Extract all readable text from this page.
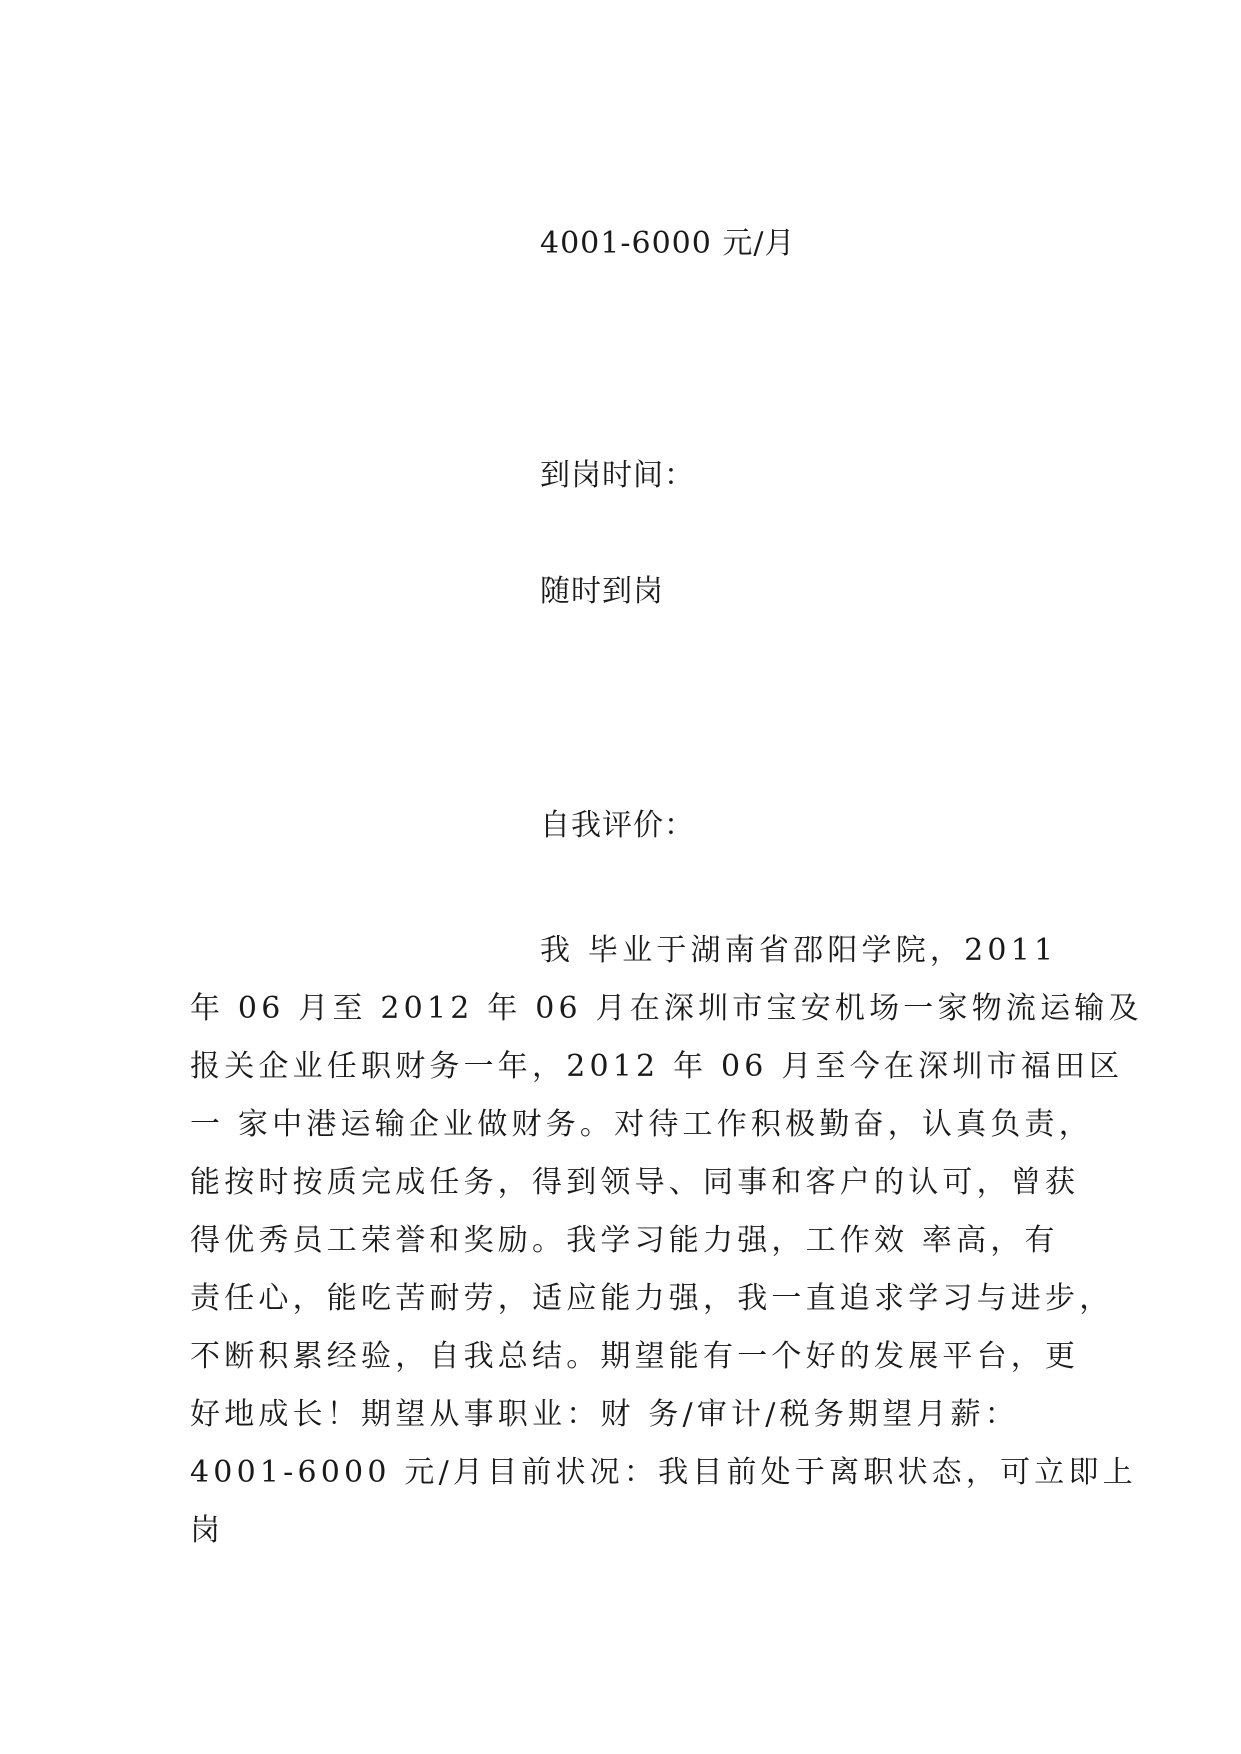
4001-6000 元/月
到岗时间：
随时到岗
自我评价：
我 毕业于湖南省邵阳学院，2011
年 06 月至 2012 年 06 月在深圳市宝安机场一家物流运输及
报关企业任职财务一年，2012 年 06 月至今在深圳市福田区
一 家中港运输企业做财务。对待工作积极勤奋，认真负责，
能按时按质完成任务，得到领导、同事和客户的认可，曾获
得优秀员工荣誉和奖励。我学习能力强，工作效 率高，有
责任心，能吃苦耐劳，适应能力强，我一直追求学习与进步，
不断积累经验，自我总结。期望能有一个好的发展平台，更
好地成长！期望从事职业：财 务/审计/税务期望月薪：
4001-6000 元/月目前状况：我目前处于离职状态，可立即上
岗
